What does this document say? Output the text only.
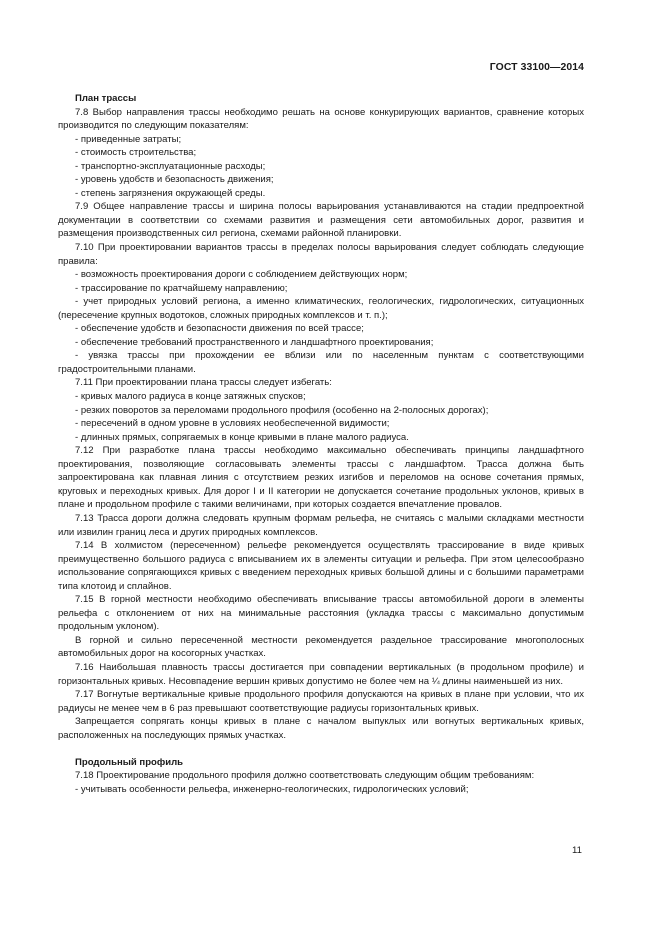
ГОСТ 33100—2014

План трассы

7.8 Выбор направления трассы необходимо решать на основе конкурирующих вариантов, сравнение которых производится по следующим показателям:

- приведенные затраты;

- стоимость строительства;

- транспортно-эксплуатационные расходы;

- уровень удобств и безопасность движения;

- степень загрязнения окружающей среды.

7.9 Общее направление трассы и ширина полосы варьирования устанавливаются на стадии предпроектной документации в соответствии со схемами развития и размещения сети автомобильных дорог, развития и размещения производственных сил региона, схемами районной планировки.

7.10 При проектировании вариантов трассы в пределах полосы варьирования следует соблюдать следующие правила:

- возможность проектирования дороги с соблюдением действующих норм;

- трассирование по кратчайшему направлению;

- учет природных условий региона, а именно климатических, геологических, гидрологических, ситуационных (пересечение крупных водотоков, сложных природных комплексов и т. п.);

- обеспечение удобств и безопасности движения по всей трассе;

- обеспечение требований пространственного и ландшафтного проектирования;

- увязка трассы при прохождении ее вблизи или по населенным пунктам с соответствующими градостроительными планами.

7.11 При проектировании плана трассы следует избегать:

- кривых малого радиуса в конце затяжных спусков;

- резких поворотов за переломами продольного профиля (особенно на 2-полосных дорогах);

- пересечений в одном уровне в условиях необеспеченной видимости;

- длинных прямых, сопрягаемых в конце кривыми в плане малого радиуса.

7.12 При разработке плана трассы необходимо максимально обеспечивать принципы ландшафтного проектирования, позволяющие согласовывать элементы трассы с ландшафтом. Трасса должна быть запроектирована как плавная линия с отсутствием резких изгибов и переломов на основе сочетания прямых, круговых и переходных кривых. Для дорог I и II категории не допускается сочетание продольных уклонов, кривых в плане и продольном профиле с такими величинами, при которых создается впечатление провалов.

7.13 Трасса дороги должна следовать крупным формам рельефа, не считаясь с малыми складками местности или извилин границ леса и других природных комплексов.

7.14 В холмистом (пересеченном) рельефе рекомендуется осуществлять трассирование в виде кривых преимущественно большого радиуса с вписыванием их в элементы ситуации и рельефа. При этом целесообразно использование сопрягающихся кривых с введением переходных кривых большой длины и с большими параметрами типа клотоид и сплайнов.

7.15 В горной местности необходимо обеспечивать вписывание трассы автомобильной дороги в элементы рельефа с отклонением от них на минимальные расстояния (укладка трассы с максимально допустимым продольным уклоном).

В горной и сильно пересеченной местности рекомендуется раздельное трассирование многополосных автомобильных дорог на косогорных участках.

7.16 Наибольшая плавность трассы достигается при совпадении вертикальных (в продольном профиле) и горизонтальных кривых. Несовпадение вершин кривых допустимо не более чем на ¼ длины наименьшей из них.

7.17 Вогнутые вертикальные кривые продольного профиля допускаются на кривых в плане при условии, что их радиусы не менее чем в 6 раз превышают соответствующие радиусы горизонтальных кривых.

Запрещается сопрягать концы кривых в плане с началом выпуклых или вогнутых вертикальных кривых, расположенных на последующих прямых участках.

Продольный профиль

7.18 Проектирование продольного профиля должно соответствовать следующим общим требованиям:

- учитывать особенности рельефа, инженерно-геологических, гидрологических условий;

11
